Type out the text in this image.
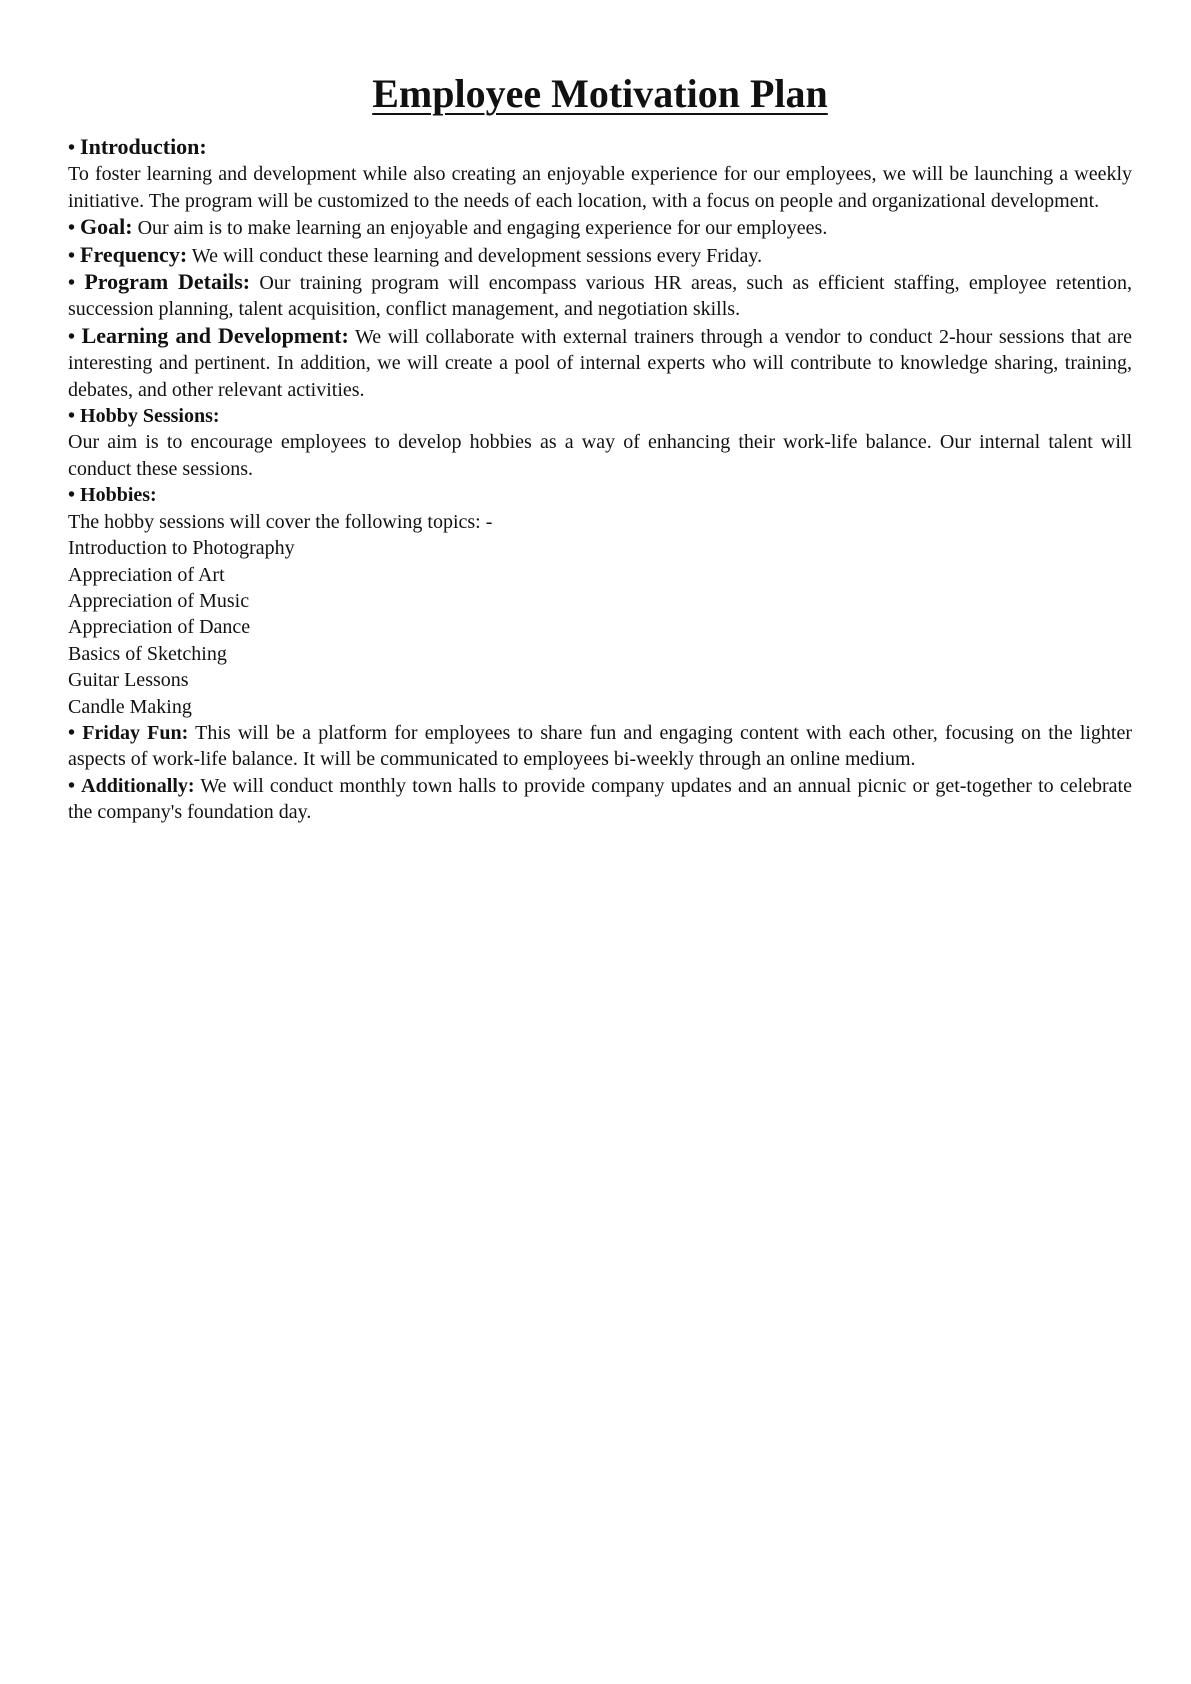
Employee Motivation Plan

• Introduction:

To foster learning and development while also creating an enjoyable experience for our employees, we will be launching a weekly initiative. The program will be customized to the needs of each location, with a focus on people and organizational development.

• Goal: Our aim is to make learning an enjoyable and engaging experience for our employees.

• Frequency: We will conduct these learning and development sessions every Friday.

• Program Details: Our training program will encompass various HR areas, such as efficient staffing, employee retention, succession planning, talent acquisition, conflict management, and negotiation skills.

• Learning and Development: We will collaborate with external trainers through a vendor to conduct 2-hour sessions that are interesting and pertinent. In addition, we will create a pool of internal experts who will contribute to knowledge sharing, training, debates, and other relevant activities.

• Hobby Sessions:

Our aim is to encourage employees to develop hobbies as a way of enhancing their work-life balance. Our internal talent will conduct these sessions.

• Hobbies:

The hobby sessions will cover the following topics: -

Introduction to Photography

Appreciation of Art

Appreciation of Music

Appreciation of Dance

Basics of Sketching

Guitar Lessons

Candle Making

• Friday Fun: This will be a platform for employees to share fun and engaging content with each other, focusing on the lighter aspects of work-life balance. It will be communicated to employees bi-weekly through an online medium.

• Additionally: We will conduct monthly town halls to provide company updates and an annual picnic or get-together to celebrate the company's foundation day.
